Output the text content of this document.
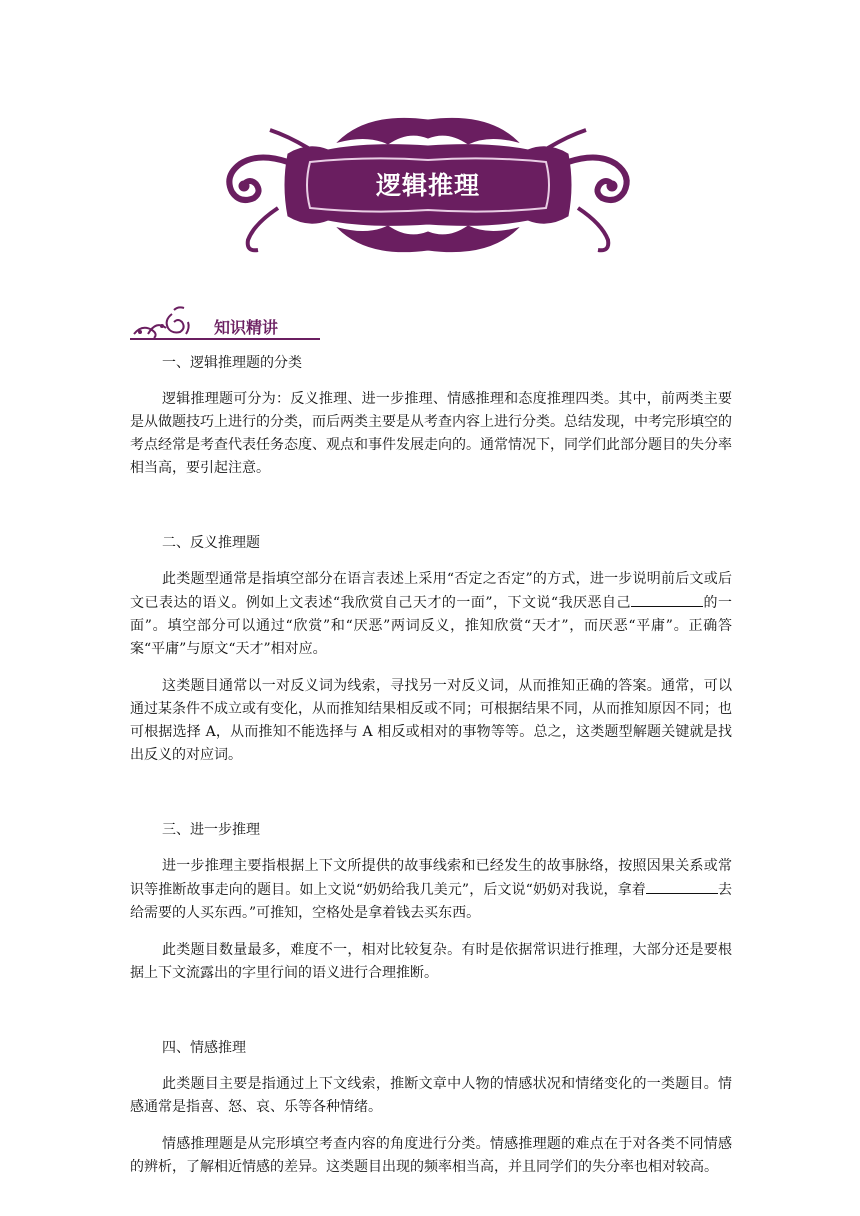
逻辑推理
知识精讲

一、逻辑推理题的分类

逻辑推理题可分为：反义推理、进一步推理、情感推理和态度推理四类。其中，前两类主要是从做题技巧上进行的分类，而后两类主要是从考查内容上进行分类。总结发现，中考完形填空的考点经常是考查代表任务态度、观点和事件发展走向的。通常情况下，同学们此部分题目的失分率相当高，要引起注意。

二、反义推理题

此类题型通常是指填空部分在语言表述上采用“否定之否定”的方式，进一步说明前后文或后文已表达的语义。例如上文表述“我欣赏自己天才的一面”，下文说“我厌恶自己	的一面”。填空部分可以通过“欣赏”和“厌恶”两词反义，推知欣赏“天才”，而厌恶“平庸”。正确答案“平庸”与原文“天才”相对应。

这类题目通常以一对反义词为线索，寻找另一对反义词，从而推知正确的答案。通常，可以通过某条件不成立或有变化，从而推知结果相反或不同；可根据结果不同，从而推知原因不同；也可根据选择 A，从而推知不能选择与 A 相反或相对的事物等等。总之，这类题型解题关键就是找出反义的对应词。

三、进一步推理

进一步推理主要指根据上下文所提供的故事线索和已经发生的故事脉络，按照因果关系或常识等推断故事走向的题目。如上文说“奶奶给我几美元”，后文说“奶奶对我说，拿着	去给需要的人买东西。”可推知，空格处是拿着钱去买东西。

此类题目数量最多，难度不一，相对比较复杂。有时是依据常识进行推理，大部分还是要根据上下文流露出的字里行间的语义进行合理推断。

四、情感推理

此类题目主要是指通过上下文线索，推断文章中人物的情感状况和情绪变化的一类题目。情感通常是指喜、怒、哀、乐等各种情绪。

情感推理题是从完形填空考查内容的角度进行分类。情感推理题的难点在于对各类不同情感的辨析，了解相近情感的差异。这类题目出现的频率相当高，并且同学们的失分率也相对较高。
